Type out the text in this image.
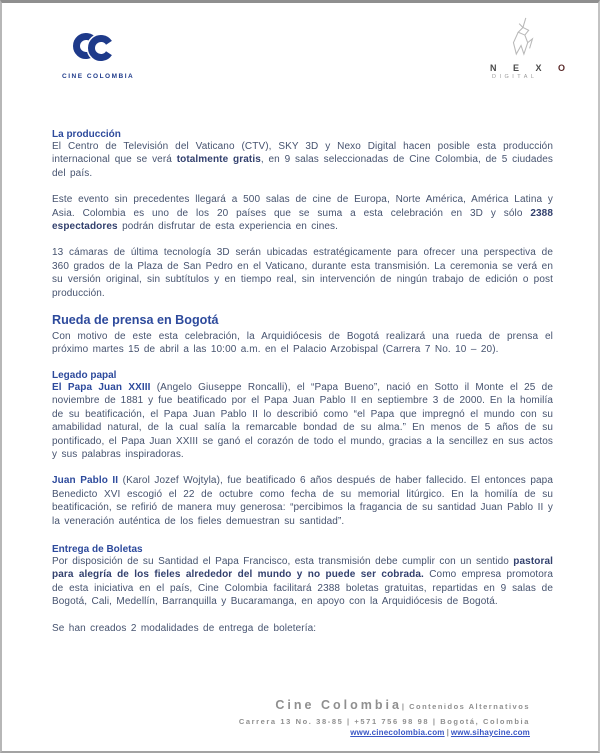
CINE COLOMBIA
N E X O
DIGITAL
La producción

El Centro de Televisión del Vaticano (CTV), SKY 3D y Nexo Digital hacen posible esta producción internacional que se verá totalmente gratis, en 9 salas seleccionadas de Cine Colombia, de 5 ciudades del país.

Este evento sin precedentes llegará a 500 salas de cine de Europa, Norte América, América Latina y Asia. Colombia es uno de los 20 países que se suma a esta celebración en 3D y sólo 2388 espectadores podrán disfrutar de esta experiencia en cines.

13 cámaras de última tecnología 3D serán ubicadas estratégicamente para ofrecer una perspectiva de 360 grados de la Plaza de San Pedro en el Vaticano, durante esta transmisión. La ceremonia se verá en su versión original, sin subtítulos y en tiempo real, sin intervención de ningún trabajo de edición o post producción.

Rueda de prensa en Bogotá

Con motivo de este esta celebración, la Arquidiócesis de Bogotá realizará una rueda de prensa el próximo martes 15 de abril a las 10:00 a.m. en el Palacio Arzobispal (Carrera 7 No. 10 – 20).

Legado papal

El Papa Juan XXIII (Angelo Giuseppe Roncalli), el “Papa Bueno”, nació en Sotto il Monte el 25 de noviembre de 1881 y fue beatificado por el Papa Juan Pablo II en septiembre 3 de 2000. En la homilía de su beatificación, el Papa Juan Pablo II lo describió como “el Papa que impregnó el mundo con su amabilidad natural, de la cual salía la remarcable bondad de su alma.” En menos de 5 años de su pontificado, el Papa Juan XXIII se ganó el corazón de todo el mundo, gracias a la sencillez en sus actos y sus palabras inspiradoras.

Juan Pablo II (Karol Jozef Wojtyla), fue beatificado 6 años después de haber fallecido. El entonces papa Benedicto XVI escogió el 22 de octubre como fecha de su memorial litúrgico. En la homilía de su beatificación, se refirió de manera muy generosa: “percibimos la fragancia de su santidad Juan Pablo II y la veneración auténtica de los fieles demuestran su santidad”.

Entrega de Boletas

Por disposición de su Santidad el Papa Francisco, esta transmisión debe cumplir con un sentido pastoral para alegría de los fieles alrededor del mundo y no puede ser cobrada. Como empresa promotora de esta iniciativa en el país, Cine Colombia facilitará 2388 boletas gratuitas, repartidas en 9 salas de Bogotá, Cali, Medellín, Barranquilla y Bucaramanga, en apoyo con la Arquidiócesis de Bogotá.

Se han creados 2 modalidades de entrega de boletería:

Cine Colombia| Contenidos Alternativos
Carrera 13 No. 38-85 | +571 756 98 98 | Bogotá, Colombia
www.cinecolombia.com | www.sihaycine.com
